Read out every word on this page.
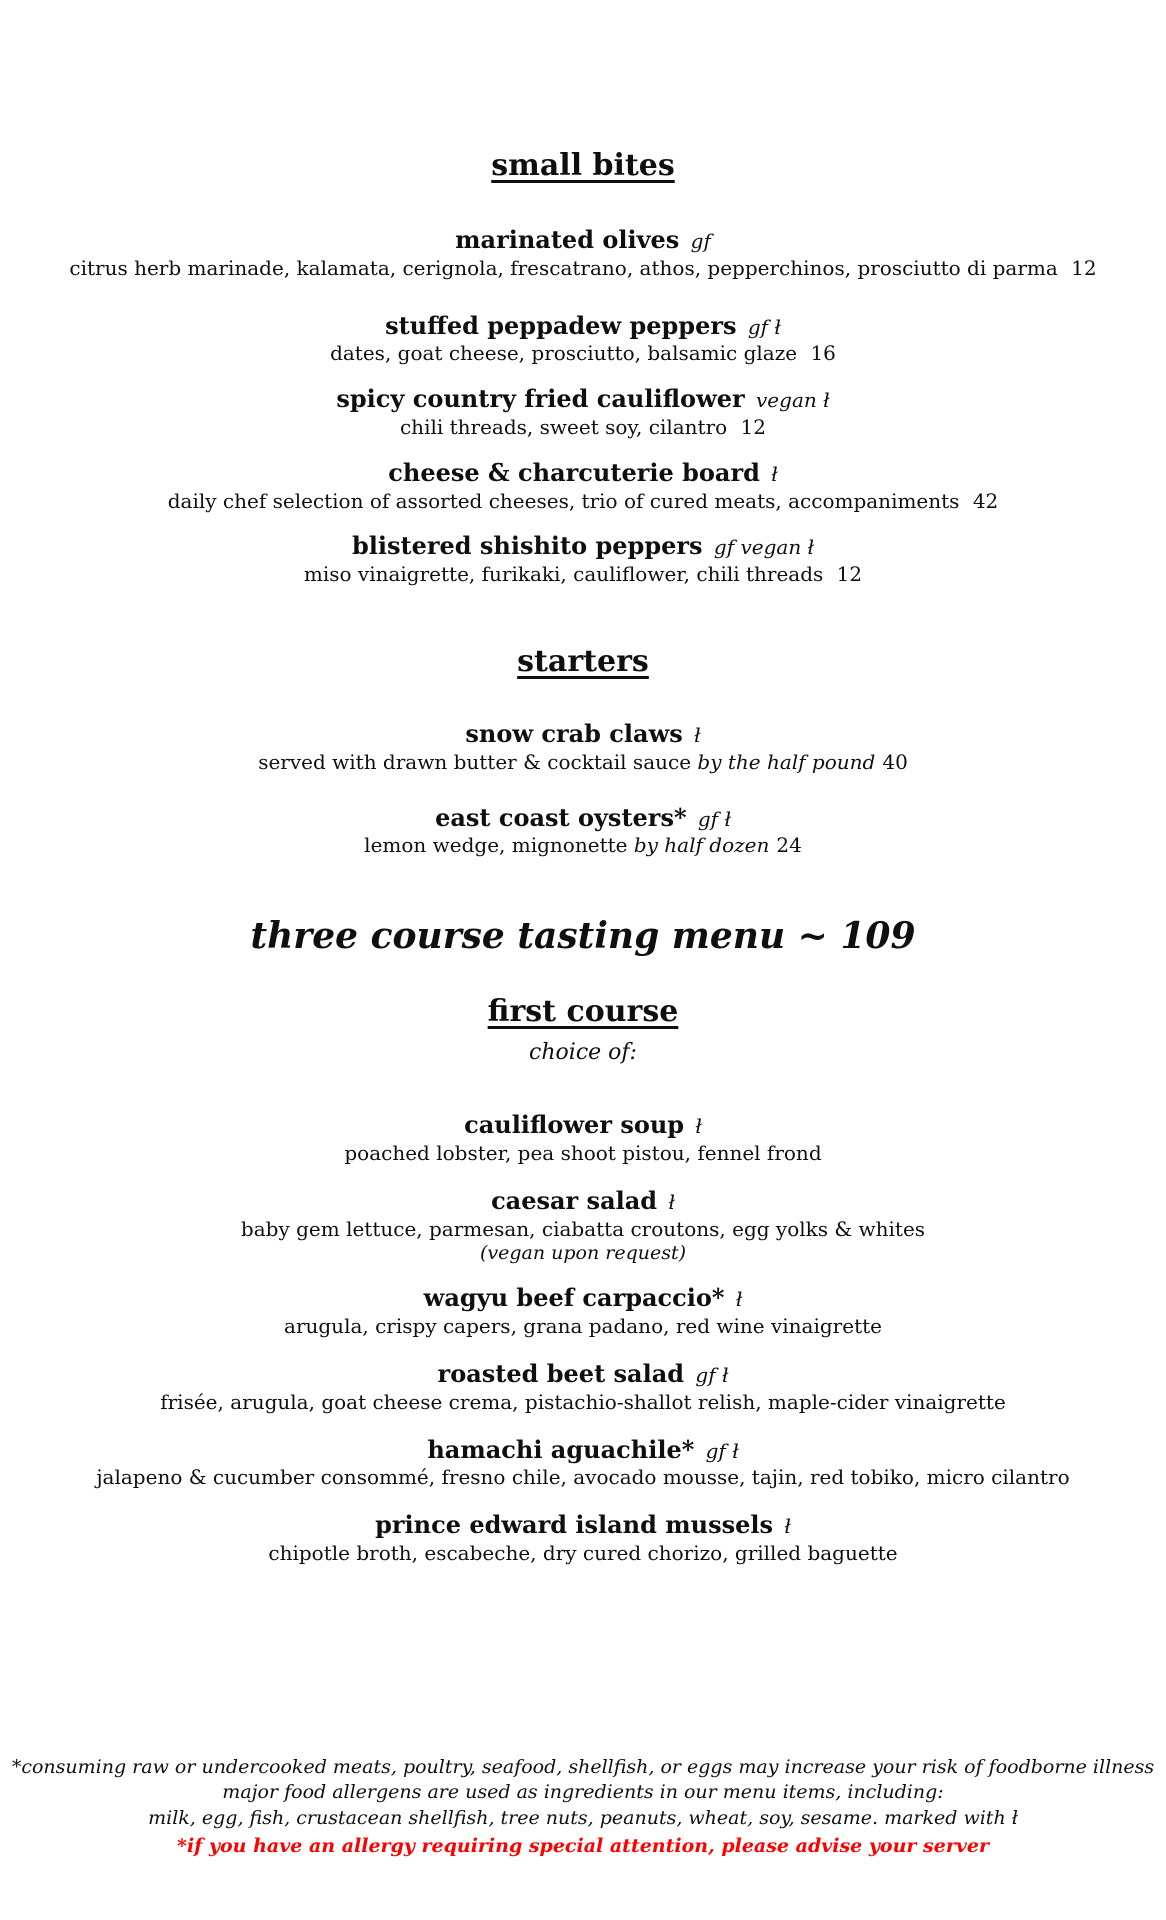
small bites
marinated olives gf
citrus herb marinade, kalamata, cerignola, frescatrano, athos, pepperchinos, prosciutto di parma 12
stuffed peppadew peppers gf ł
dates, goat cheese, prosciutto, balsamic glaze 16
spicy country fried cauliflower vegan ł
chili threads, sweet soy, cilantro 12
cheese & charcuterie board ł
daily chef selection of assorted cheeses, trio of cured meats, accompaniments 42
blistered shishito peppers gf vegan ł
miso vinaigrette, furikaki, cauliflower, chili threads 12
starters
snow crab claws ł
served with drawn butter & cocktail sauce by the half pound 40
east coast oysters* gf ł
lemon wedge, mignonette by half dozen 24
three course tasting menu ~ 109
first course
choice of:
cauliflower soup ł
poached lobster, pea shoot pistou, fennel frond
caesar salad ł
baby gem lettuce, parmesan, ciabatta croutons, egg yolks & whites
(vegan upon request)
wagyu beef carpaccio* ł
arugula, crispy capers, grana padano, red wine vinaigrette
roasted beet salad gf ł
frisée, arugula, goat cheese crema, pistachio-shallot relish, maple-cider vinaigrette
hamachi aguachile* gf ł
jalapeno & cucumber consommé, fresno chile, avocado mousse, tajin, red tobiko, micro cilantro
prince edward island mussels ł
chipotle broth, escabeche, dry cured chorizo, grilled baguette
*consuming raw or undercooked meats, poultry, seafood, shellfish, or eggs may increase your risk of foodborne illness
major food allergens are used as ingredients in our menu items, including:
milk, egg, fish, crustacean shellfish, tree nuts, peanuts, wheat, soy, sesame. marked with ł
*if you have an allergy requiring special attention, please advise your server
